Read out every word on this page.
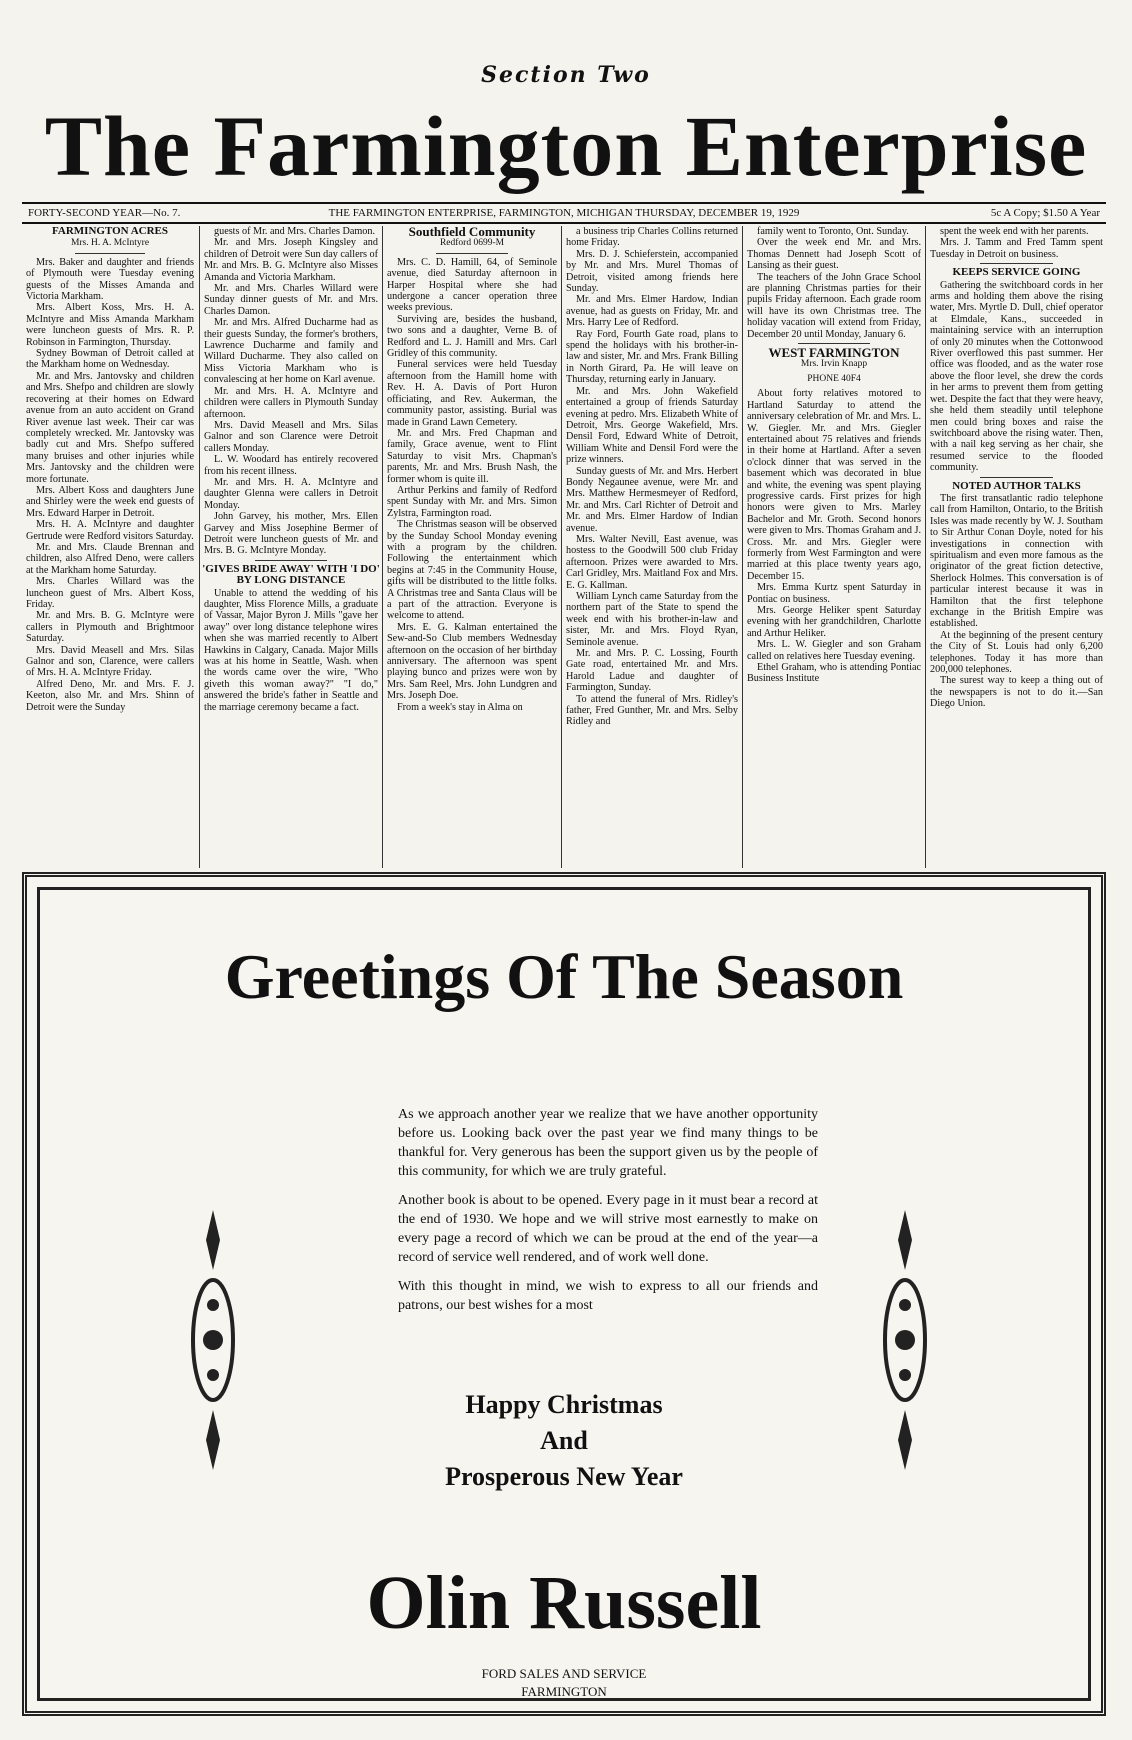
Section Two
The Farmington Enterprise
THE FARMINGTON ENTERPRISE, FARMINGTON, MICHIGAN THURSDAY, DECEMBER 19, 1929
FORTY-SECOND YEAR—No. 7.	5c A Copy; $1.50 A Year
FARMINGTON ACRES
Mrs. H. A. McIntyre

Mrs. Baker and daughter and friends of Plymouth were Tuesday evening guests of the Misses Amanda and Victoria Markham.

Mrs. Albert Koss, Mrs. H. A. McIntyre and Miss Amanda Markham were luncheon guests of Mrs. R. P. Robinson in Farmington, Thursday.

Sydney Bowman of Detroit called at the Markham home on Wednesday.

Mr. and Mrs. Jantovsky and children and Mrs. Shefpo and children are slowly recovering at their homes on Edward avenue from an auto accident on Grand River avenue last week. Their car was completely wrecked. Mr. Jantovsky was badly cut and Mrs. Shefpo suffered many bruises and other injuries while Mrs. Jantovsky and the children were more fortunate.

Mrs. Albert Koss and daughters June and Shirley were the week end guests of Mrs. Edward Harper in Detroit.

Mrs. H. A. McIntyre and daughter Gertrude were Redford visitors Saturday.

Mr. and Mrs. Claude Brennan and children, also Alfred Deno, were callers at the Markham home Saturday.

Mrs. Charles Willard was the luncheon guest of Mrs. Albert Koss, Friday.

Mr. and Mrs. B. G. McIntyre were callers in Plymouth and Brightmoor Saturday.

Mrs. David Measell and Mrs. Silas Galnor and son, Clarence, were callers of Mrs. H. A. McIntyre Friday.

Alfred Deno, Mr. and Mrs. F. J. Keeton, also Mr. and Mrs. Shinn of Detroit were the Sunday

guests of Mr. and Mrs. Charles Damon.

Mr. and Mrs. Joseph Kingsley and children of Detroit were Sun day callers of Mr. and Mrs. B. G. McIntyre also Misses Amanda and Victoria Markham.

Mr. and Mrs. Charles Willard were Sunday dinner guests of Mr. and Mrs. Charles Damon.

Mr. and Mrs. Alfred Ducharme had as their guests Sunday, the former's brothers, Lawrence Ducharme and family and Willard Ducharme. They also called on Miss Victoria Markham who is convalescing at her home on Karl avenue.

Mr. and Mrs. H. A. McIntyre and children were callers in Plymouth Sunday afternoon.

Mrs. David Measell and Mrs. Silas Galnor and son Clarence were Detroit callers Monday.

L. W. Woodard has entirely recovered from his recent illness.

Mr. and Mrs. H. A. McIntyre and daughter Glenna were callers in Detroit Monday.

John Garvey, his mother, Mrs. Ellen Garvey and Miss Josephine Bermer of Detroit were luncheon guests of Mr. and Mrs. B. G. McIntyre Monday.

'GIVES BRIDE AWAY' WITH 'I DO' BY LONG DISTANCE

Unable to attend the wedding of his daughter, Miss Florence Mills, a graduate of Vassar, Major Byron J. Mills "gave her away" over long distance telephone wires when she was married recently to Albert Hawkins in Calgary, Canada. Major Mills was at his home in Seattle, Wash. when the words came over the wire, "Who giveth this woman away?" "I do," answered the bride's father in Seattle and the marriage ceremony became a fact.

Southfield Community
Redford 0699-M

Mrs. C. D. Hamill, 64, of Seminole avenue, died Saturday afternoon in Harper Hospital where she had undergone a cancer operation three weeks previous.

Surviving are, besides the husband, two sons and a daughter, Verne B. of Redford and L. J. Hamill and Mrs. Carl Gridley of this community.

Funeral services were held Tuesday afternoon from the Hamill home with Rev. H. A. Davis of Port Huron officiating, and Rev. Aukerman, the community pastor, assisting. Burial was made in Grand Lawn Cemetery.

Mr. and Mrs. Fred Chapman and family, Grace avenue, went to Flint Saturday to visit Mrs. Chapman's parents, Mr. and Mrs. Brush Nash, the former whom is quite ill.

Arthur Perkins and family of Redford spent Sunday with Mr. and Mrs. Simon Zylstra, Farmington road.

The Christmas season will be observed by the Sunday School Monday evening with a program by the children. Following the entertainment which begins at 7:45 in the Community House, gifts will be distributed to the little folks. A Christmas tree and Santa Claus will be a part of the attraction. Everyone is welcome to attend.

Mrs. E. G. Kalman entertained the Sew-and-So Club members Wednesday afternoon on the occasion of her birthday anniversary. The afternoon was spent playing bunco and prizes were won by Mrs. Sam Reel, Mrs. John Lundgren and Mrs. Joseph Doe.

From a week's stay in Alma on

a business trip Charles Collins returned home Friday.

Mrs. D. J. Schieferstein, accompanied by Mr. and Mrs. Murel Thomas of Detroit, visited among friends here Sunday.

Mr. and Mrs. Elmer Hardow, Indian avenue, had as guests on Friday, Mr. and Mrs. Harry Lee of Redford.

Ray Ford, Fourth Gate road, plans to spend the holidays with his brother-in-law and sister, Mr. and Mrs. Frank Billing in North Girard, Pa. He will leave on Thursday, returning early in January.

Mr. and Mrs. John Wakefield entertained a group of friends Saturday evening at pedro. Mrs. Elizabeth White of Detroit, Mrs. George Wakefield, Mrs. Densil Ford, Edward White of Detroit, William White and Densil Ford were the prize winners.

Sunday guests of Mr. and Mrs. Herbert Bondy Negaunee avenue, were Mr. and Mrs. Matthew Hermesmeyer of Redford, Mr. and Mrs. Carl Richter of Detroit and Mr. and Mrs. Elmer Hardow of Indian avenue.

Mrs. Walter Nevill, East avenue, was hostess to the Goodwill 500 club Friday afternoon. Prizes were awarded to Mrs. Carl Gridley, Mrs. Maitland Fox and Mrs. E. G. Kallman.

William Lynch came Saturday from the northern part of the State to spend the week end with his brother-in-law and sister, Mr. and Mrs. Floyd Ryan, Seminole avenue.

Mr. and Mrs. P. C. Lossing, Fourth Gate road, entertained Mr. and Mrs. Harold Ladue and daughter of Farmington, Sunday.

To attend the funeral of Mrs. Ridley's father, Fred Gunther, Mr. and Mrs. Selby Ridley and

family went to Toronto, Ont. Sunday.

Over the week end Mr. and Mrs. Thomas Dennett had Joseph Scott of Lansing as their guest.

The teachers of the John Grace School are planning Christmas parties for their pupils Friday afternoon. Each grade room will have its own Christmas tree. The holiday vacation will extend from Friday, December 20 until Monday, January 6.

WEST FARMINGTON
Mrs. Irvin Knapp
PHONE 40F4

About forty relatives motored to Hartland Saturday to attend the anniversary celebration of Mr. and Mrs. L. W. Giegler. Mr. and Mrs. Giegler entertained about 75 relatives and friends in their home at Hartland. After a seven o'clock dinner that was served in the basement which was decorated in blue and white, the evening was spent playing progressive cards. First prizes for high honors were given to Mrs. Marley Bachelor and Mr. Groth. Second honors were given to Mrs. Thomas Graham and J. Cross. Mr. and Mrs. Giegler were formerly from West Farmington and were married at this place twenty years ago, December 15.

Mrs. Emma Kurtz spent Saturday in Pontiac on business.

Mrs. George Heliker spent Saturday evening with her grandchildren, Charlotte and Arthur Heliker.

Mrs. L. W. Giegler and son Graham called on relatives here Tuesday evening.

Ethel Graham, who is attending Pontiac Business Institute

spent the week end with her parents.

Mrs. J. Tamm and Fred Tamm spent Tuesday in Detroit on business.

KEEPS SERVICE GOING

Gathering the switchboard cords in her arms and holding them above the rising water, Mrs. Myrtle D. Dull, chief operator at Elmdale, Kans., succeeded in maintaining service with an interruption of only 20 minutes when the Cottonwood River overflowed this past summer. Her office was flooded, and as the water rose above the floor level, she drew the cords in her arms to prevent them from getting wet. Despite the fact that they were heavy, she held them steadily until telephone men could bring boxes and raise the switchboard above the rising water. Then, with a nail keg serving as her chair, she resumed service to the flooded community.

NOTED AUTHOR TALKS

The first transatlantic radio telephone call from Hamilton, Ontario, to the British Isles was made recently by W. J. Southam to Sir Arthur Conan Doyle, noted for his investigations in connection with spiritualism and even more famous as the originator of the great fiction detective, Sherlock Holmes. This conversation is of particular interest because it was in Hamilton that the first telephone exchange in the British Empire was established.

At the beginning of the present century the City of St. Louis had only 6,200 telephones. Today it has more than 200,000 telephones.

The surest way to keep a thing out of the newspapers is not to do it.—San Diego Union.

Greetings Of The Season

As we approach another year we realize that we have another opportunity before us. Looking back over the past year we find many things to be thankful for. Very generous has been the support given us by the people of this community, for which we are truly grateful.

Another book is about to be opened. Every page in it must bear a record at the end of 1930. We hope and we will strive most earnestly to make on every page a record of which we can be proud at the end of the year—a record of service well rendered, and of work well done.

With this thought in mind, we wish to express to all our friends and patrons, our best wishes for a most

Happy Christmas
And
Prosperous New Year
Olin Russell
FORD SALES AND SERVICE
FARMINGTON
